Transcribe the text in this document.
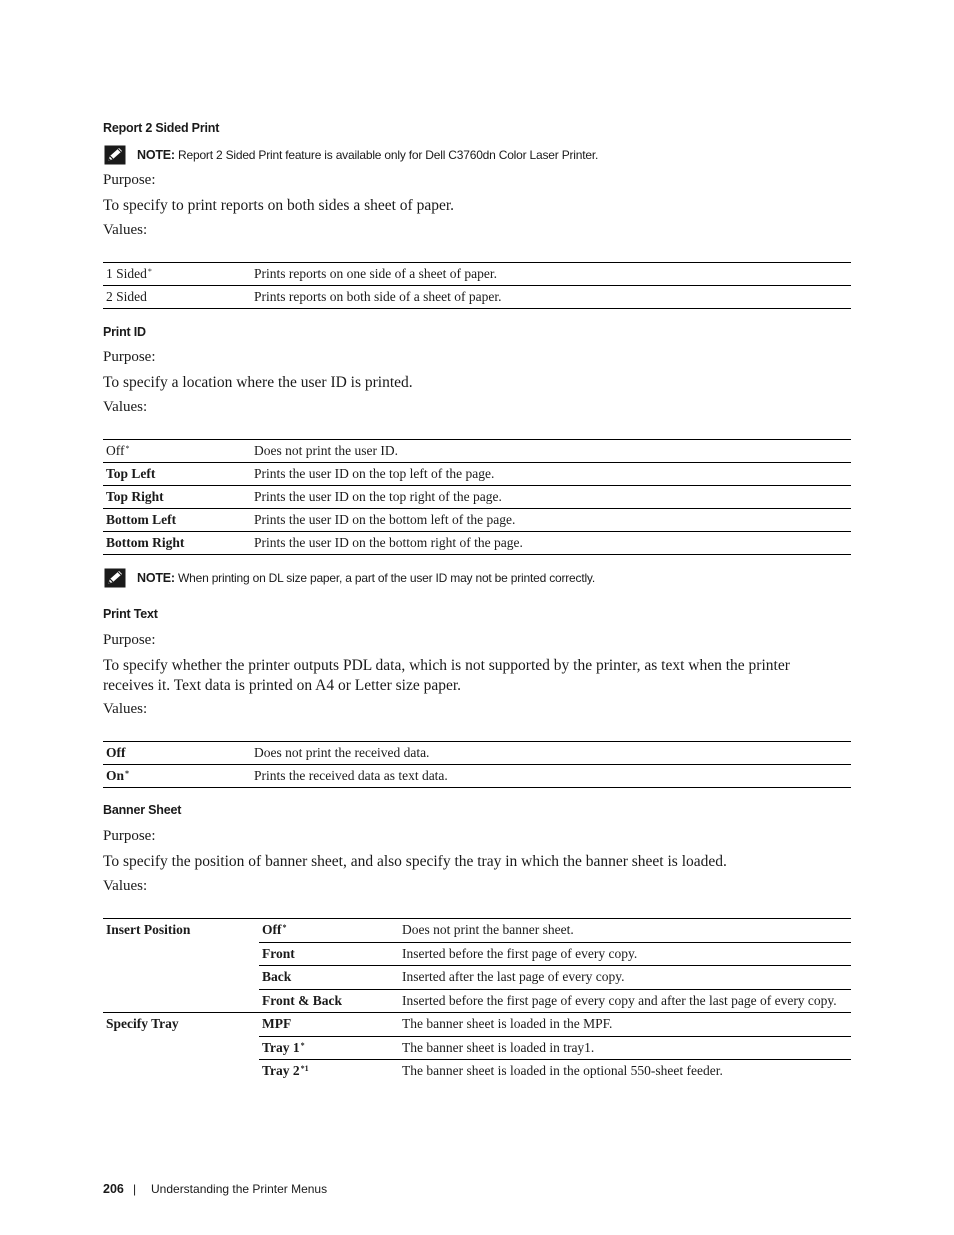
Report 2 Sided Print
NOTE: Report 2 Sided Print feature is available only for Dell C3760dn Color Laser Printer.
Purpose:
To specify to print reports on both sides a sheet of paper.
Values:
1 Sided*	Prints reports on one side of a sheet of paper.
2 Sided	Prints reports on both side of a sheet of paper.
Print ID
Purpose:
To specify a location where the user ID is printed.
Values:
Off*	Does not print the user ID.
Top Left	Prints the user ID on the top left of the page.
Top Right	Prints the user ID on the top right of the page.
Bottom Left	Prints the user ID on the bottom left of the page.
Bottom Right	Prints the user ID on the bottom right of the page.
NOTE: When printing on DL size paper, a part of the user ID may not be printed correctly.
Print Text
Purpose:
To specify whether the printer outputs PDL data, which is not supported by the printer, as text when the printer receives it. Text data is printed on A4 or Letter size paper.
Values:
Off	Does not print the received data.
On*	Prints the received data as text data.
Banner Sheet
Purpose:
To specify the position of banner sheet, and also specify the tray in which the banner sheet is loaded.
Values:
Insert Position	Off*	Does not print the banner sheet.
	Front	Inserted before the first page of every copy.
	Back	Inserted after the last page of every copy.
	Front & Back	Inserted before the first page of every copy and after the last page of every copy.
Specify Tray	MPF	The banner sheet is loaded in the MPF.
	Tray 1*	The banner sheet is loaded in tray1.
	Tray 2$^{*1}$	The banner sheet is loaded in the optional 550-sheet feeder.
206 | Understanding the Printer Menus
